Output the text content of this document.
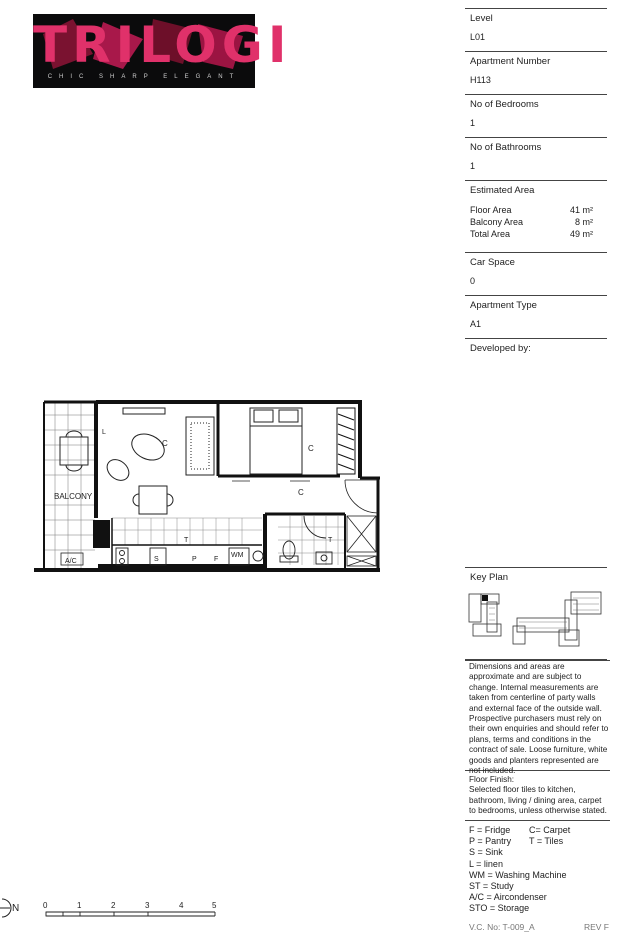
TRILOGI
CHIC SHARP ELEGANT
Level
L01
Apartment Number
H113
No of Bedrooms
1
No of Bathrooms
1
Estimated Area
Floor Area	41 m²
Balcony Area	8 m²
Total Area	49 m²
Car Space
0
Apartment Type
A1
Developed by:
Key Plan
Dimensions and areas are approximate and are subject to change. Internal measurements are taken from centerline of party walls and external face of the outside wall. Prospective purchasers must rely on their own enquiries and should refer to plans, terms and conditions in the contract of sale. Loose furniture, white goods and planters represented are not included.
Floor Finish:
Selected floor tiles to kitchen, bathroom, living / dining area, carpet to bedrooms, unless otherwise stated.
F = Fridge	C= Carpet
P = Pantry	T = Tiles
S = Sink
L = linen
WM = Washing Machine
ST = Study
A/C = Aircondenser
STO = Storage
V.C. No: T-009_A	REV F
BALCONY
A/C
C
C
C
T	T
L
S	P F
WM
N	0	1	2	3	4	5
